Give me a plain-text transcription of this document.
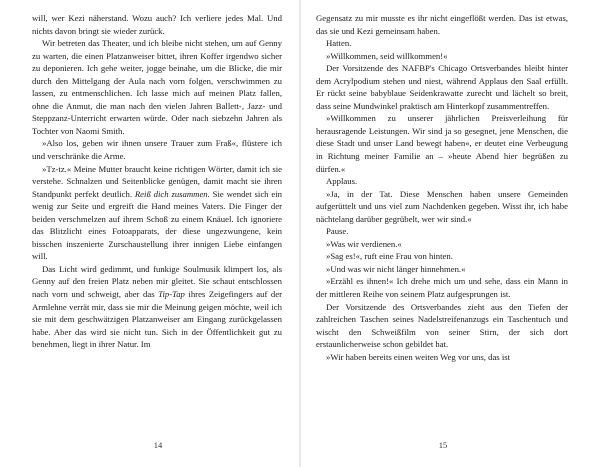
will, wer Kezi näherstand. Wozu auch? Ich verliere jedes Mal. Und nichts davon bringt sie wieder zurück.

Wir betreten das Theater, und ich bleibe nicht stehen, um auf Genny zu warten, die einen Platzanweiser bittet, ihren Koffer irgendwo sicher zu deponieren. Ich gehe weiter, jogge beinahe, um die Blicke, die mir durch den Mittelgang der Aula nach vorn folgen, verschwimmen zu lassen, zu entmenschlichen. Ich lasse mich auf meinen Platz fallen, ohne die Anmut, die man nach den vielen Jahren Ballett-, Jazz- und Steppzanz-Unterricht erwarten würde. Oder nach siebzehn Jahren als Tochter von Naomi Smith.

»Also los, geben wir ihnen unsere Trauer zum Fraß«, flüstere ich und verschränke die Arme.

»Tz-tz.« Meine Mutter braucht keine richtigen Wörter, damit ich sie verstehe. Schnalzen und Seitenblicke genügen, damit macht sie ihren Standpunkt perfekt deutlich. Reiß dich zusammen. Sie wendet sich ein wenig zur Seite und ergreift die Hand meines Vaters. Die Finger der beiden verschmelzen auf ihrem Schoß zu einem Knäuel. Ich ignoriere das Blitzlicht eines Fotoapparats, der diese ungezwungene, kein bisschen inszenierte Zurschaustellung ihrer innigen Liebe einfangen will.

Das Licht wird gedimmt, und funkige Soulmusik klimpert los, als Genny auf den freien Platz neben mir gleitet. Sie schaut entschlossen nach vorn und schweigt, aber das Tip-Tap ihres Zeigefingers auf der Armlehne verrät mir, dass sie mir die Meinung geigen möchte, weil ich sie mit dem geschwätzigen Platzanweiser am Eingang zurückgelassen habe. Aber das wird sie nicht tun. Sich in der Öffentlichkeit gut zu benehmen, liegt in ihrer Natur. Im

14

Gegensatz zu mir musste es ihr nicht eingeflößt werden. Das ist etwas, das sie und Kezi gemeinsam haben.

Hatten.

»Willkommen, seid willkommen!«

Der Vorsitzende des NAFBP's Chicago Ortsverbandes bleibt hinter dem Acrylpodium stehen und niest, während Applaus den Saal erfüllt. Er rückt seine babyblaue Seidenkrawatte zurecht und lächelt so breit, dass seine Mundwinkel praktisch am Hinterkopf zusammentreffen.

»Willkommen zu unserer jährlichen Preisverleihung für herausragende Leistungen. Wir sind ja so gesegnet, jene Menschen, die diese Stadt und unser Land bewegt haben«, er deutet eine Verbeugung in Richtung meiner Familie an – »heute Abend hier begrüßen zu dürfen.«

Applaus.

»Ja, in der Tat. Diese Menschen haben unsere Gemeinden aufgerüttelt und uns viel zum Nachdenken gegeben. Wisst ihr, ich habe nächtelang darüber gegrübelt, wer wir sind.«

Pause.

»Was wir verdienen.«

»Sag es!«, ruft eine Frau von hinten.

»Und was wir nicht länger hinnehmen.«

»Erzähl es ihnen!« Ich drehe mich um und sehe, dass ein Mann in der mittleren Reihe von seinem Platz aufgesprungen ist.

Der Vorsitzende des Ortsverbandes zieht aus den Tiefen der zahlreichen Taschen seines Nadelstreifenanzugs ein Taschentuch und wischt den Schweißfilm von seiner Stirn, der sich dort erstaunlicherweise schon gebildet hat.

»Wir haben bereits einen weiten Weg vor uns, das ist

15
